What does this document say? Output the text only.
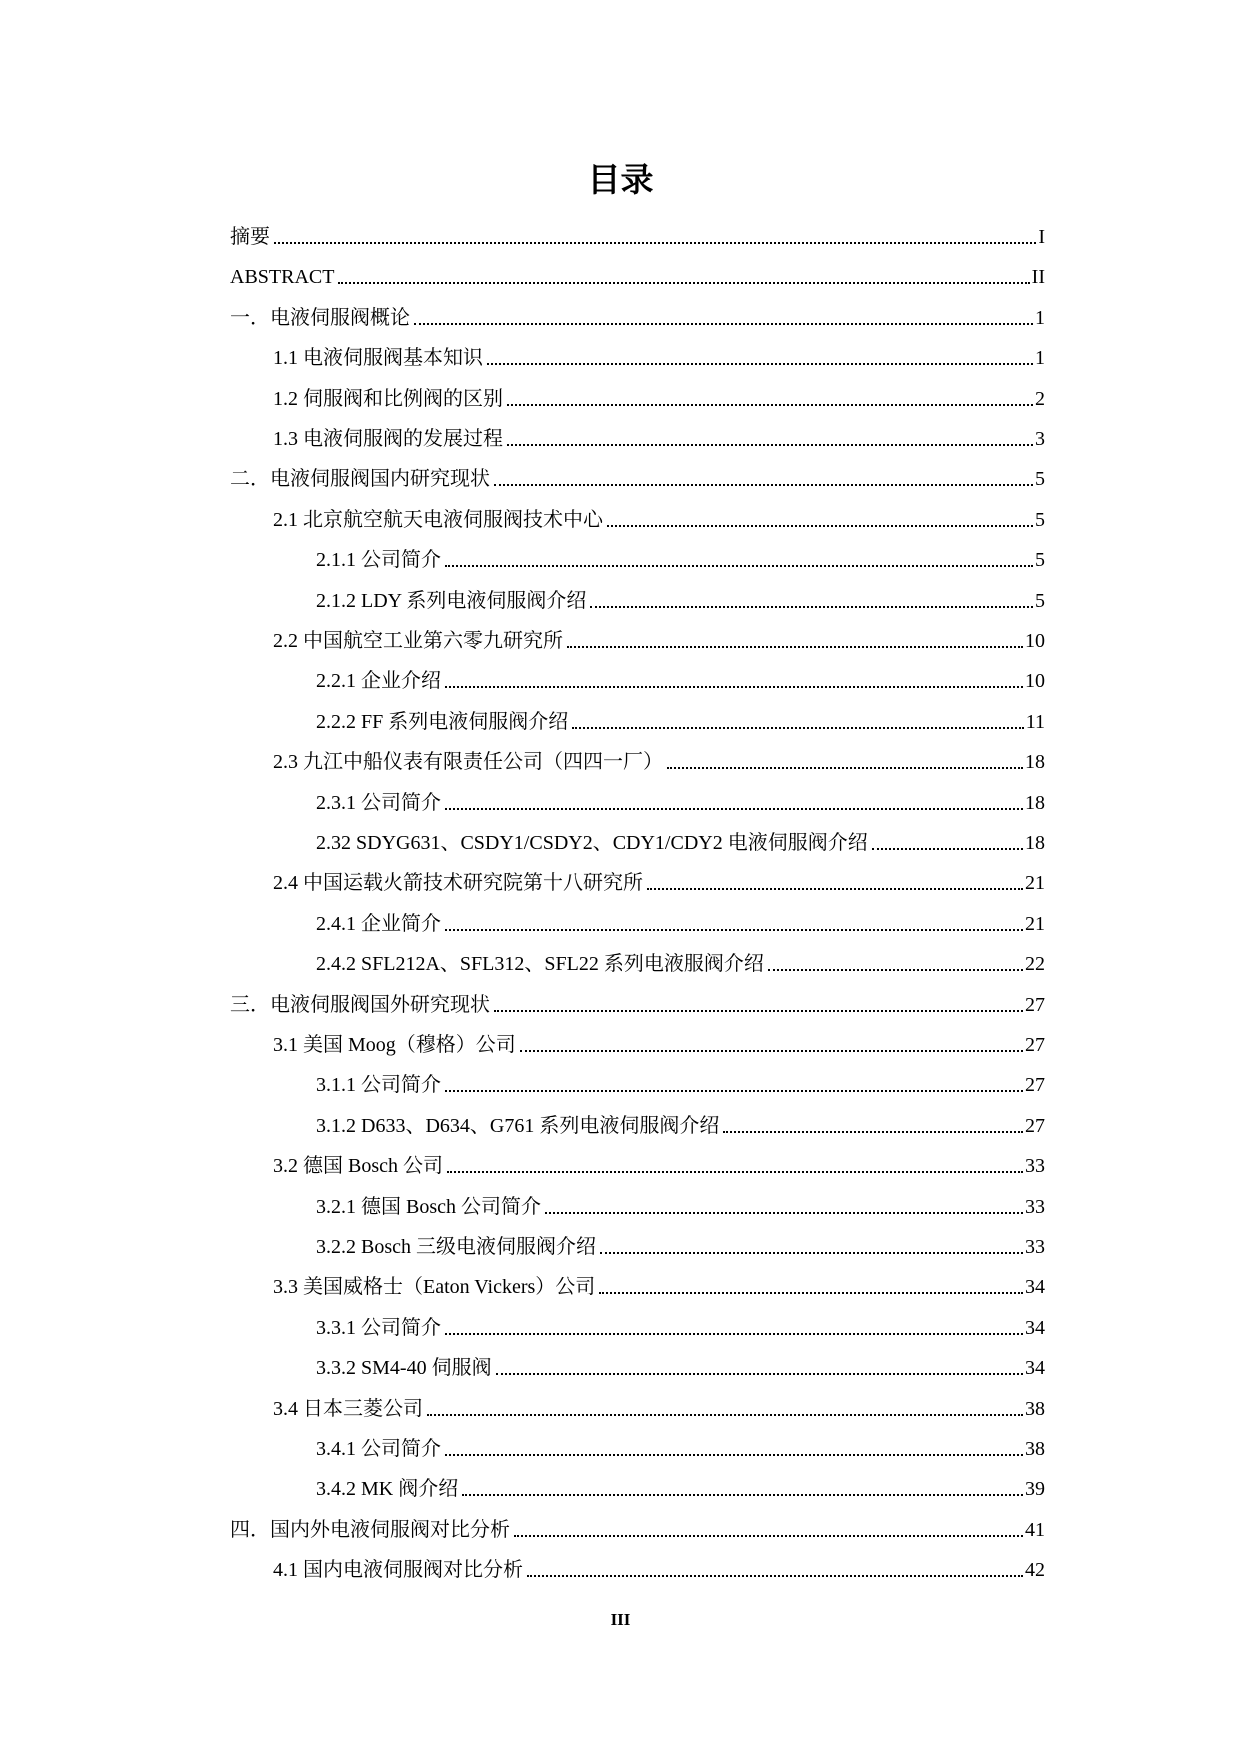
目录
摘要	I
ABSTRACT	II
一．电液伺服阀概论	1
1.1 电液伺服阀基本知识	1
1.2 伺服阀和比例阀的区别	2
1.3 电液伺服阀的发展过程	3
二．电液伺服阀国内研究现状	5
2.1 北京航空航天电液伺服阀技术中心	5
2.1.1 公司简介	5
2.1.2 LDY 系列电液伺服阀介绍	5
2.2 中国航空工业第六零九研究所	10
2.2.1 企业介绍	10
2.2.2 FF 系列电液伺服阀介绍	11
2.3 九江中船仪表有限责任公司（四四一厂）	18
2.3.1 公司简介	18
2.32 SDYG631、CSDY1/CSDY2、CDY1/CDY2 电液伺服阀介绍	18
2.4 中国运载火箭技术研究院第十八研究所	21
2.4.1 企业简介	21
2.4.2 SFL212A、SFL312、SFL22 系列电液服阀介绍	22
三．电液伺服阀国外研究现状	27
3.1 美国 Moog（穆格）公司	27
3.1.1 公司简介	27
3.1.2 D633、D634、G761 系列电液伺服阀介绍	27
3.2 德国 Bosch 公司	33
3.2.1 德国 Bosch 公司简介	33
3.2.2 Bosch 三级电液伺服阀介绍	33
3.3 美国威格士（Eaton Vickers）公司	34
3.3.1 公司简介	34
3.3.2 SM4-40 伺服阀	34
3.4 日本三菱公司	38
3.4.1 公司简介	38
3.4.2 MK 阀介绍	39
四．国内外电液伺服阀对比分析	41
4.1 国内电液伺服阀对比分析	42
III
